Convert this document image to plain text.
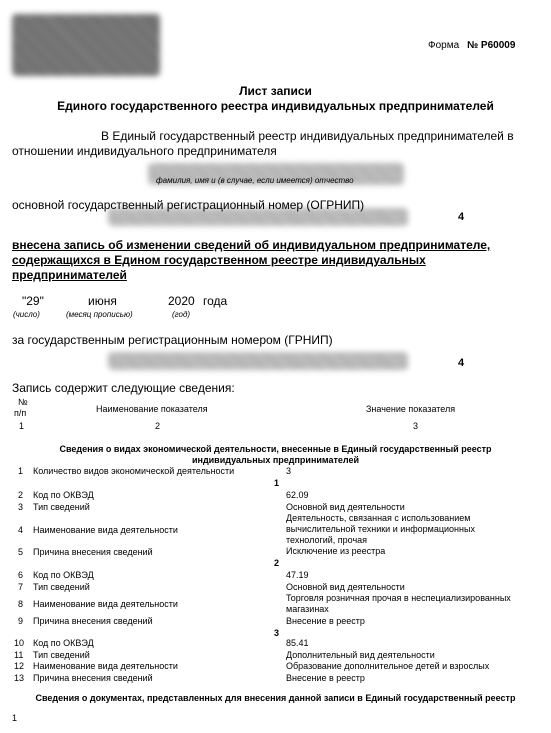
Форма № Р60009
Лист записи
Единого государственного реестра индивидуальных предпринимателей
В Единый государственный реестр индивидуальных предпринимателей в
отношении индивидуального предпринимателя
фамилия, имя и (в случае, если имеется) отчество
основной государственный регистрационный номер (ОГРНИП)
4
внесена запись об изменении сведений об индивидуальном предпринимателе,
содержащихся в Едином государственном реестре индивидуальных
предпринимателей
"29"	июня	2020 года
(число)	(месяц прописью)	(год)
за государственным регистрационным номером (ГРНИП)
4
Запись содержит следующие сведения:
№
п/п	Наименование показателя	Значение показателя
1	2	3
Сведения о видах экономической деятельности, внесенные в Единый государственный реестр
индивидуальных предпринимателей
1 Количество видов экономической деятельности	3
1
2 Код по ОКВЭД	62.09
3 Тип сведений	Основной вид деятельности
Деятельность, связанная с использованием
4 Наименование вида деятельности	вычислительной техники и информационных
технологий, прочая
5 Причина внесения сведений	Исключение из реестра
2
6 Код по ОКВЭД	47.19
7 Тип сведений	Основной вид деятельности
Торговля розничная прочая в неспециализированных
8 Наименование вида деятельности	магазинах
9 Причина внесения сведений	Внесение в реестр
3
10 Код по ОКВЭД	85.41
11 Тип сведений	Дополнительный вид деятельности
12 Наименование вида деятельности	Образование дополнительное детей и взрослых
13 Причина внесения сведений	Внесение в реестр
Сведения о документах, представленных для внесения данной записи в Единый государственный реестр
1
